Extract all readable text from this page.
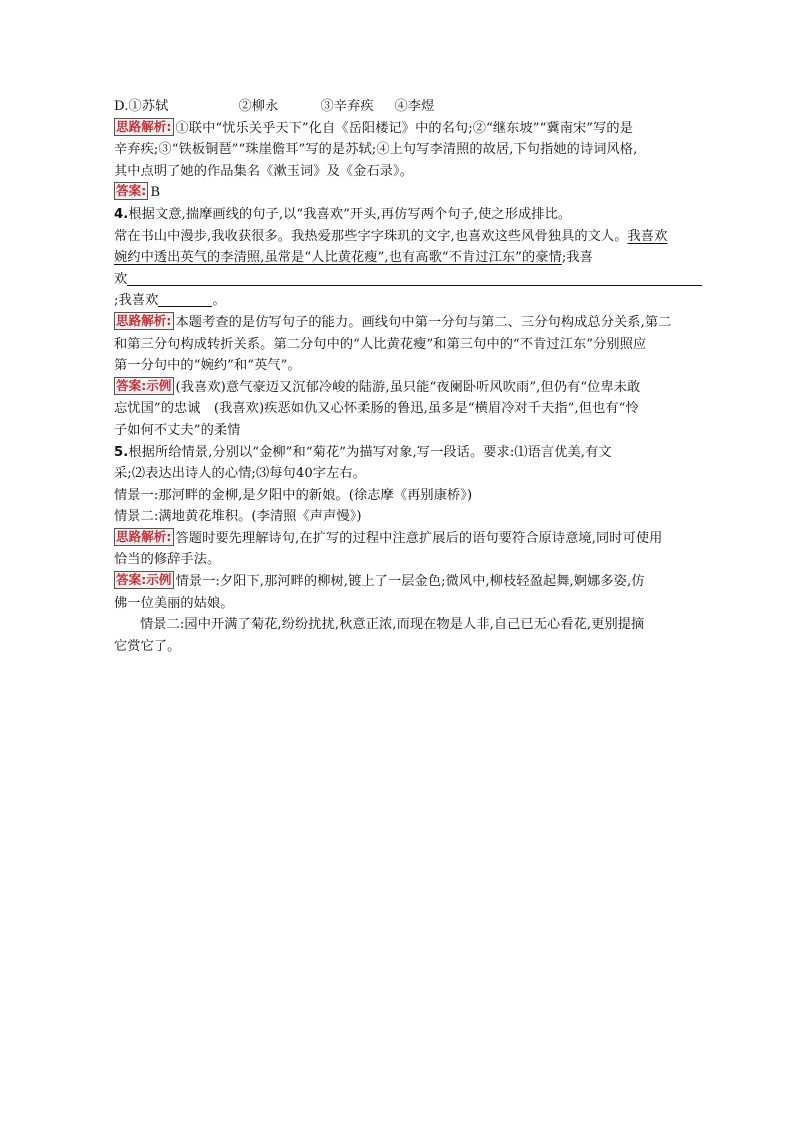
D.①苏轼	②柳永	③辛弃疾 ④李煜
思路解析: ①联中“忧乐关乎天下”化自《岳阳楼记》中的名句;②“继东坡”“冀南宋”写的是
辛弃疾;③“铁板铜琶”“珠崖儋耳”写的是苏轼;④上句写李清照的故居,下句指她的诗词风格,
其中点明了她的作品集名《漱玉词》及《金石录》。
答案: B
4.根据文意,揣摩画线的句子,以“我喜欢”开头,再仿写两个句子,使之形成排比。
常在书山中漫步,我收获很多。我热爱那些字字珠玑的文字,也喜欢这些风骨独具的文人。我喜欢
婉约中透出英气的李清照,虽常是“人比黄花瘦”,也有高歌“不肯过江东”的豪情;我喜
欢
;我喜欢	。
思路解析: 本题考查的是仿写句子的能力。画线句中第一分句与第二、三分句构成总分关系,第二
和第三分句构成转折关系。第二分句中的“人比黄花瘦”和第三句中的“不肯过江东”分别照应
第一分句中的“婉约”和“英气”。
答案:示例 (我喜欢)意气豪迈又沉郁冷峻的陆游,虽只能“夜阑卧听风吹雨”,但仍有“位卑未敢
忘忧国”的忠诚　(我喜欢)疾恶如仇又心怀柔肠的鲁迅,虽多是“横眉冷对千夫指”,但也有“怜
子如何不丈夫”的柔情
5.根据所给情景,分别以“金柳”和“菊花”为描写对象,写一段话。要求:⑴语言优美,有文
采;⑵表达出诗人的心情;⑶每句40字左右。
情景一:那河畔的金柳,是夕阳中的新娘。(徐志摩《再别康桥》)
情景二:满地黄花堆积。(李清照《声声慢》)
思路解析: 答题时要先理解诗句,在扩写的过程中注意扩展后的语句要符合原诗意境,同时可使用
恰当的修辞手法。
答案:示例 情景一:夕阳下,那河畔的柳树,镀上了一层金色;微风中,柳枝轻盈起舞,婀娜多姿,仿
佛一位美丽的姑娘。
情景二:园中开满了菊花,纷纷扰扰,秋意正浓,而现在物是人非,自己已无心看花,更别提摘
它赏它了。
